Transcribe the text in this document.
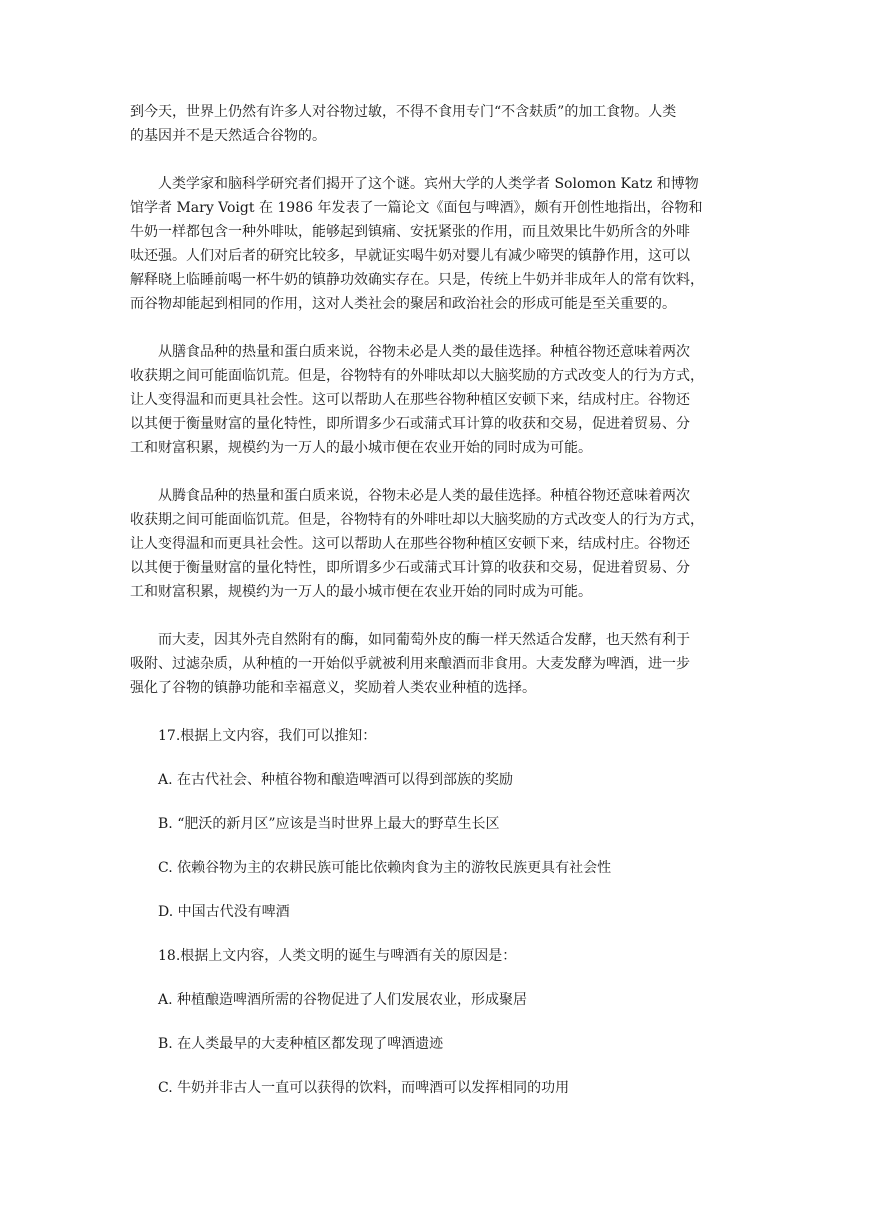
到今天，世界上仍然有许多人对谷物过敏，不得不食用专门“不含麸质”的加工食物。人类
的基因并不是天然适合谷物的。
人类学家和脑科学研究者们揭开了这个谜。宾州大学的人类学者 Solomon Katz 和博物
馆学者 Mary Voigt 在 1986 年发表了一篇论文《面包与啤酒》，颇有开创性地指出，谷物和
牛奶一样都包含一种外啡呔，能够起到镇痛、安抚紧张的作用，而且效果比牛奶所含的外啡
呔还强。人们对后者的研究比较多，早就证实喝牛奶对婴儿有减少啼哭的镇静作用，这可以
解释晓上临睡前喝一杯牛奶的镇静功效确实存在。只是，传统上牛奶并非成年人的常有饮料，
而谷物却能起到相同的作用，这对人类社会的聚居和政治社会的形成可能是至关重要的。
从膳食品种的热量和蛋白质来说，谷物未必是人类的最佳选择。种植谷物还意味着两次
收获期之间可能面临饥荒。但是，谷物特有的外啡呔却以大脑奖励的方式改变人的行为方式，
让人变得温和而更具社会性。这可以帮助人在那些谷物种植区安顿下来，结成村庄。谷物还
以其便于衡量财富的量化特性，即所谓多少石或蒲式耳计算的收获和交易，促进着贸易、分
工和财富积累，规模约为一万人的最小城市便在农业开始的同时成为可能。
从腾食品种的热量和蛋白质来说，谷物未必是人类的最佳选择。种植谷物还意味着两次
收获期之间可能面临饥荒。但是，谷物特有的外啡吐却以大脑奖励的方式改变人的行为方式，
让人变得温和而更具社会性。这可以帮助人在那些谷物种植区安顿下来，结成村庄。谷物还
以其便于衡量财富的量化特性，即所谓多少石或蒲式耳计算的收获和交易，促进着贸易、分
工和财富积累，规模约为一万人的最小城市便在农业开始的同时成为可能。
而大麦，因其外壳自然附有的酶，如同葡萄外皮的酶一样天然适合发酵，也天然有利于
吸附、过滤杂质，从种植的一开始似乎就被利用来酿酒而非食用。大麦发酵为啤酒，进一步
强化了谷物的镇静功能和幸福意义，奖励着人类农业种植的选择。
17.根据上文内容，我们可以推知：
A. 在古代社会、种植谷物和酿造啤酒可以得到部族的奖励
B. “肥沃的新月区”应该是当时世界上最大的野草生长区
C. 依赖谷物为主的农耕民族可能比依赖肉食为主的游牧民族更具有社会性
D. 中国古代没有啤酒
18.根据上文内容，人类文明的诞生与啤酒有关的原因是：
A. 种植酿造啤酒所需的谷物促进了人们发展农业，形成聚居
B. 在人类最早的大麦种植区都发现了啤酒遗迹
C. 牛奶并非古人一直可以获得的饮料，而啤酒可以发挥相同的功用
